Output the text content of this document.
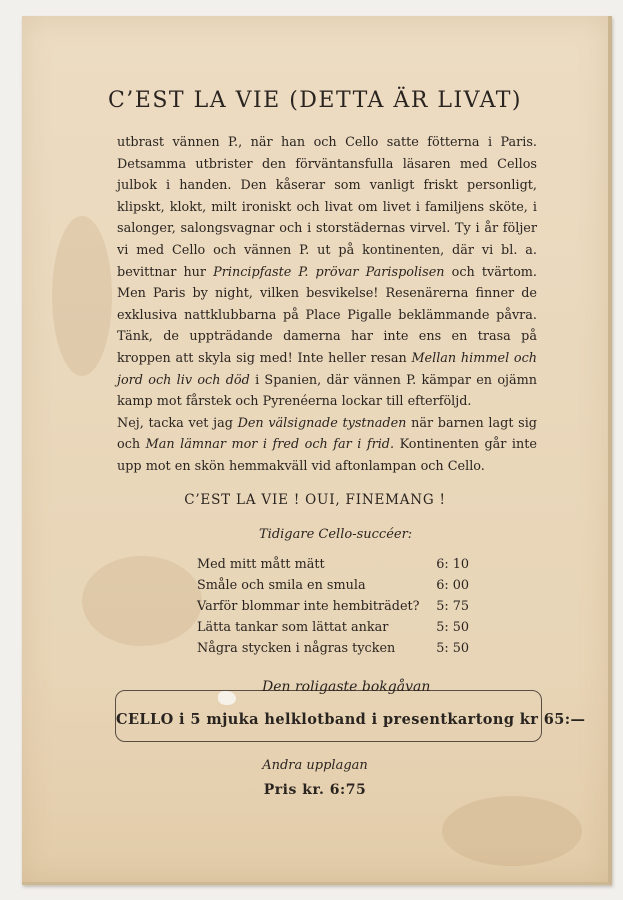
C’EST LA VIE (DETTA ÄR LIVAT)

utbrast vännen P., när han och Cello satte fötterna i Paris. Detsamma utbrister den förväntansfulla läsaren med Cellos julbok i handen. Den kåserar som vanligt friskt personligt, klipskt, klokt, milt ironiskt och livat om livet i familjens sköte, i salonger, salongsvagnar och i storstädernas virvel. Ty i år följer vi med Cello och vännen P. ut på kontinenten, där vi bl. a. bevittnar hur Principfaste P. prövar Parispolisen och tvärtom. Men Paris by night, vilken besvikelse! Resenärerna finner de exklusiva nattklubbarna på Place Pigalle beklämmande påvra. Tänk, de uppträdande damerna har inte ens en trasa på kroppen att skyla sig med! Inte heller resan Mellan himmel och jord och liv och död i Spanien, där vännen P. kämpar en ojämn kamp mot fårstek och Pyrenéerna lockar till efterföljd.

Nej, tacka vet jag Den välsignade tystnaden när barnen lagt sig och Man lämnar mor i fred och far i frid. Kontinenten går inte upp mot en skön hemmakväll vid aftonlampan och Cello.

C’EST LA VIE ! OUI, FINEMANG !
Tidigare Cello-succéer:
Med mitt mått mätt	6: 10
Småle och smila en smula	6: 00
Varför blommar inte hembiträdet? 5: 75
Lätta tankar som lättat ankar	5: 50
Några stycken i någras tycken	5: 50
CELLO i 5 mjuka helklotband i presentkartong kr 65:—
Den roligaste bokgåvan
Andra upplagan
Pris kr. 6:75
